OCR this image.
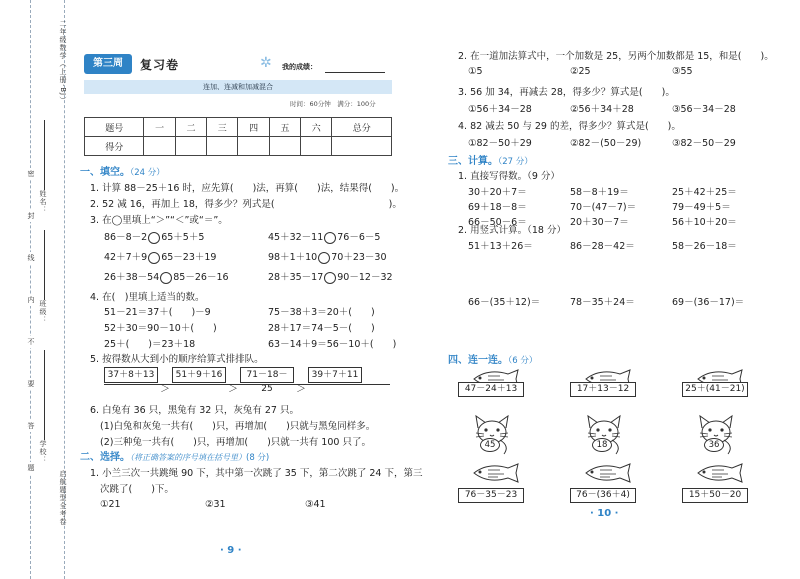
二年级数学（上册·BJ）
启航题型全考卷
姓名：
班级：
学校：
密
封
线
内
不
要
答
题
第三周	复习卷	✲ 我的成绩：
连加、连减和加减混合
时间：60分钟　满分：100分
题号	一	二	三	四	五	六	总分
得分							
一、填空。（24 分）
1. 计算 88－25＋16 时，应先算(　　)法，再算(　　)法，结果得(　　)。
2. 52 减 16，再加上 18，得多少？列式是(　　　　　　　　　　　　)。
3. 在◯里填上“＞”“＜”或“＝”。
86－8－2 65＋5＋5	45＋32－11 76－6－5
42＋7＋9 65－23＋19	98＋1＋10 70＋23－30
26＋38－54 85－26－16	28＋35－17 90－12－32
4. 在(　)里填上适当的数。
51－21＝37＋(　　)－9	75－38＋3＝20＋(　　)
52＋30＝90－10＋(　　)	28＋17＝74－5－(　　)
25＋(　　)＝23＋18	63－14＋9＝56－10＋(　　)
5. 按得数从大到小的顺序给算式排排队。
37＋8＋13	51＋9＋16	71－18－25
39＋7＋11
＞	＞	＞
6. 白兔有 36 只，黑兔有 32 只，灰兔有 27 只。
(1)白兔和灰兔一共有(　　)只，再增加(　　)只就与黑兔同样多。
(2)三种兔一共有(　　)只，再增加(　　)只就一共有 100 只了。
二、选择。（将正确答案的序号填在括号里）(8 分)
1. 小兰三次一共跳绳 90 下，其中第一次跳了 35 下，第二次跳了 24 下，第三
次跳了(　　)下。
①21	②31	③41
· 9 ·
2. 在一道加法算式中，一个加数是 25，另两个加数都是 15，和是(　　)。
①5	②25	③55
3. 56 加 34，再减去 28，得多少？算式是(　　)。
①56＋34－28	②56＋34＋28	③56－34－28
4. 82 减去 50 与 29 的差，得多少？算式是(　　)。
①82－50＋29	②82－(50－29)	③82－50－29
三、计算。（27 分）
1. 直接写得数。（9 分）
30＋20＋7＝	58－8＋19＝	25＋42＋25＝
69＋18－8＝	70－(47－7)＝	79－49＋5＝
66－50－6＝	20＋30－7＝	56＋10＋20＝
2. 用竖式计算。（18 分）
51＋13＋26＝	86－28－42＝	58－26－18＝
66－(35＋12)＝	78－35＋24＝	69－(36－17)＝
四、连一连。（6 分）
47－24＋13	17＋13－12	25＋(41－21)
45	18	36
76－35－23	76－(36＋4)	15＋50－20
· 10 ·
